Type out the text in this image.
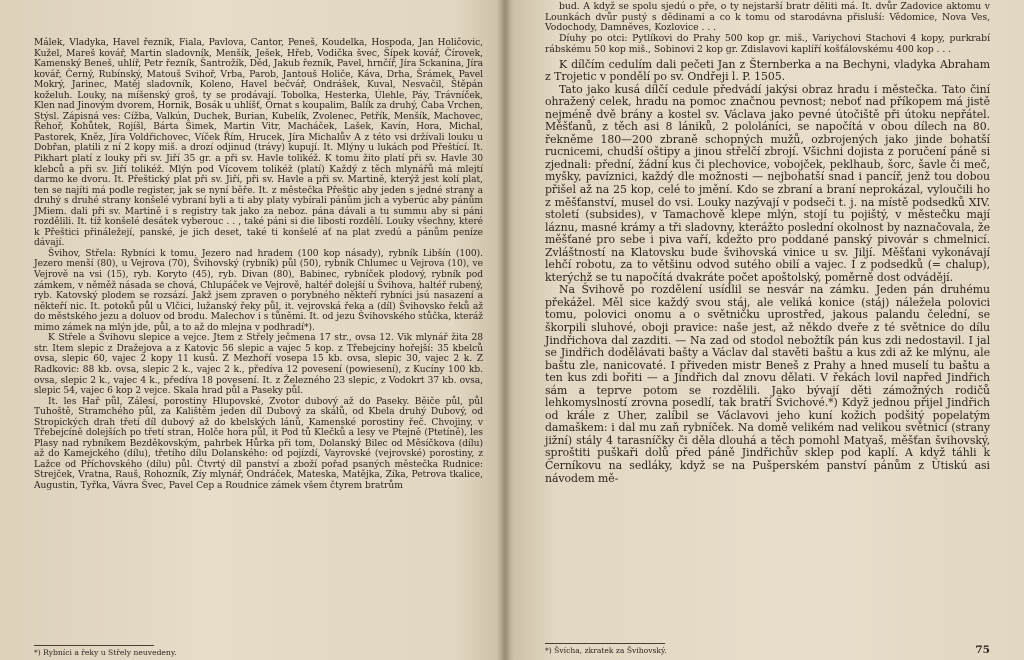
Málek, Vladyka, Havel řezník, Fiala, Pavlova, Cantor, Peneš, Koudelka, Hospoda, Jan Holičovic, Kužel, Mareš kovář, Martin sladovník, Menšík, Ješek, Hřeb, Vodička švec, Šípek kovář, Čírovek, Kamenský Beneš, uhlíř, Petr řezník, Šantrožík, Děd, Jakub řezník, Pavel, hrnčíř, Jíra Sckanina, Jíra kovář, Černý, Rubínský, Matouš Svihoř, Vrba, Parob, Jantouš Holiče, Káva, Drha, Šrámek, Pavel Mokrý, Jarinec, Matěj sladovník, Koleno, Havel bečvář, Ondrášek, Kuval, Nesvačil, Štěpán koželuh. Louky, na míšenský groš, ty se prodávají. Tobolka, Hesterka, Úlehle, Páv, Trávníček, Klen nad Jinovým dvorem, Hornik, Bosák u uhlíšť, Ornat s koupalim, Balík za druhý, Čaba Vrchen, Stýsl. Zápisná ves: Cížba, Valkún, Duchek, Burian, Kubelík, Zvolenec, Petřík, Menšík, Machovec, Řehoř, Kohůtek, Rojíšl, Bárta Šimek, Martin Vitr, Macháček, Lašek, Kavín, Hora, Michal, Pastorek, Kněz, Jíra Voldřichovec, Víček Řím, Hrucek, Jíra Michalův A z této vsi držívali louku u Dobřan, platili z ní 2 kopy miš. a drozí odjinud (trávy) kupují. It. Mlýny u lukách pod Přeštící. It. Pikhart platí z louky při sv. Jiří 35 gr. a při sv. Havle tolikéž. K tomu žito platí při sv. Havle 30 klebců a při sv. Jiří tolikéž. Mlýn pod Vícovem tolikéž (platí) Každý z těch mlynářů má mlejtí darmo ke dvoru. It. Přeštický plat při sv. Jiří, při sv. Havle a při sv. Martině, kterýž jest kolí plat, ten se najíti má podle register, jak se nyní běře. It. z městečka Přeštic aby jeden s jedné strany a druhý s druhé strany konšelé vybraní byli a ti aby platy vybírali pánům jich a vyberúc aby pánům JMiem. dali při sv. Martině i s registry tak jako za neboz. pána dávali a tu summu aby si páni rozdělili. It. tíž konšelé desátek vyberouc . . , také páni si die libosti rozdělí. Louky všechny, které k Přeštici přináležejí, panské, je jich deset, také ti konšelé ať na plat zvedú a pánům peníze dávají.

Švihov, Střela: Rybníci k tomu. Jezero nad hradem (100 kop násady), rybník Libšín (100). Jezero menší (80), u Vejrova (70), Švihovský (rybník) půl (50), rybník Chlumec u Vejrova (10), ve Vejrově na vsi (15), ryb. Koryto (45), ryb. Divan (80), Babinec, rybníček plodový, rybník pod zámkem, v něměž násada se chová, Chlupáček ve Vejrově, haltéř dolejší u Švihova, haltéř rubený, ryb. Katovský plodem se rozsází. Jakž jsem zpraven o porybného někteří rybníci jsú nasazení a někteří nic. It. potoků půl u Vlčici, lužanský řeky půl, it. vejrovská řeka a (díl) Švihovsko řeků až do městského jezu a doluov od brodu. Malechov i s tůněmi. It. od jezu Švihovského stůčka, kteráž mimo zámek na mlýn jde, půl, a to až do mlejna v podhradí*).

K Střele a Švihovu slepice a vejce. Jtem z Střely ječmena 17 str., ovsa 12. Vik mlynář žita 28 str. Item slepic z Dražejova a z Katovic 56 slepic a vajec 5 kop. z Třebejciny hořejší: 35 kbelců ovsa, slepic 60, vajec 2 kopy 11 kusů. Z Mezhoří vosepa 15 kb. ovsa, slepic 30, vajec 2 k. Z Radkovic: 88 kb. ovsa, slepic 2 k., vajec 2 k., předíva 12 povesení (powiesení), z Kucíny 100 kb. ovsa, slepic 2 k., vajec 4 k., předíva 18 povesení. It. z Železného 23 slepic, z Vodokrt 37 kb. ovsa, slepic 54, vajec 6 kop 2 vejce. Skala hrad půl a Paseky půl.

It. les Hař půl, Zálesí, porostiny Hlupovské, Zvotor dubový až do Paseky. Běiče půl, půl Tuhoště, Stramchého půl, za Kalištěm jeden díl Dubový za skálů, od Kbela druhý Dubový, od Stropických drah třetí díl dubový až do kbelských lánů, Kamenské porostiny řeč. Chvojiny, v Třebejcíně dolejších po třetí stran, Holče hora půl, it Pod tů Klečků a lesy ve Ptejně (Ptetíně), les Plasy nad rybníkem Bezděkovským, pahrbek Hůrka při tom, Dolanský Bilec od Měsíčkova (dílu) až do Kamejckého (dílu), třetího dílu Dolanského: od pojízdí, Vayrovské (vejrovské) porostiny, z Lažce od Příchovského (dílu) půl. Čtvrtý díl panství a zboží pořad psaných městečka Rudnice: Strejček, Vratna, Rauš, Rohozník, Zíy mlynář, Ondráček, Mateska, Matějka, Zíka, Petrova tkalice, Augustin, Tyřka, Vávra Švec, Pavel Cep a Roudnice zámek všem čtyrem bratrům

*) Rybníci a řeky u Střely neuvedeny.

bud. A když se spolu sjedú o pře, o ty nejstarší bratr děliti má. It. dvůr Zadovice aktomu v Lounkách dvůr pustý s dědinami a co k tomu od starodávna přisluší: Vědomice, Nova Ves, Vodochody, Damněves, Kozlovice . . .

Díuhy po otci: Pytlíkovi do Prahy 500 kop gr. miš., Variychovi Stachovi 4 kopy, purkrabí rábskému 50 kop miš., Sobinovi 2 kop gr. Zdislavovi kaplíří košťálovskému 400 kop . . .

K dílčím cedulím dali pečeti Jan z Šternberka a na Bechyni, vladyka Abraham z Trojetic v pondělí po sv. Ondřeji l. P. 1505.

Tato jako kusá dílčí cedule předvádí jakýsi obraz hradu i městečka. Tato činí ohražený celek, hradu na pomoc značnou pevnost; neboť nad příkopem má jistě nejméně dvě brány a kostel sv. Václava jako pevné útočiště při útoku nepřátel. Měšťanů, z těch asi 8 lániků, 2 pololáníci, se napočítá v obou dílech na 80. řekněme 180—200 zbraně schopných mužů, ozbrojených jako jinde bohatší rucnicemi, chudší oštipy a jinou střelčí zbrojí. Všichni dojista z poručení páně si zjednali: přední, žádní kus či plechovice, vobojček, peklhaub, šorc, šavle či meč, myšky, pavíznici, každý dle možnosti — nejbohatší snad i pancíř, jenž tou dobou přišel až na 25 kop, celé to jmění. Kdo se zbraní a braní neprokázal, vyloučili ho z měšťanství, musel do vsi. Louky nazývají v podseči t. j. na místě podsedků XIV. století (subsides), v Tamachově klepe mlýn, stojí tu pojištý, v městečku mají láznu, masné krámy a tři sladovny, kterážto poslední okolnost by naznačovala, že měšťané pro sebe i piva vaří, kdežto pro poddané panský pivovár s chmelnicí. Zvláštností na Klatovsku bude švihovská vinice u sv. Jiljí. Měšťani vykonávají lehčí robotu, za to většinu odvod sutého obilí a vajec. I z podsedků (= chalup), kterýchž se tu napočítá dvakráte počet apoštolský, poměrně dost odvádějí.

Na Švihově po rozdělení usídlil se nesvár na zámku. Jeden pán druhému překážel. Měl sice každý svou stáj, ale veliká konice (stáj) náležela polovici tomu, polovici onomu a o světničku uprostřed, jakous palandu čelední, se škorpili sluhové, oboji pravice: naše jest, až někdo dveře z té světnice do dílu Jindřichova dal zazditi. — Na zad od stodol nebožtík pán kus zdi nedostavil. I jal se Jindřich dodělávati bašty a Václav dal stavěti baštu a kus zdi až ke mlýnu, ale baštu zle, nanicovaté. I přiveden mistr Beneš z Prahy a hned muselí tu baštu a ten kus zdi bořiti — a Jindřich dal znovu dělati. V řekách lovil napřed Jindřich sám a teprve potom se rozdělili. Jako bývají děti zámožných rodičů lehkomyslností zrovna posedlí, tak bratří Švichové.*) Když jednou přijel Jindřich od krále z Uher, zalíbil se Václavovi jeho kuní kožich podšitý popelatým damaškem: i dal mu zaň rybníček. Na domě velikém nad velikou světnicí (strany jižní) stály 4 tarasníčky či děla dlouhá a těch pomohl Matyaš, měšťan švihovský, sproštiti puškaři dolů před páně Jindřichův sklep pod kaplí. A když táhli k Černíkovu na sedláky, když se na Pušperském panství pánům z Útiskú asi návodem mě-

*) Švícha, zkratek za Švihovský.	75
